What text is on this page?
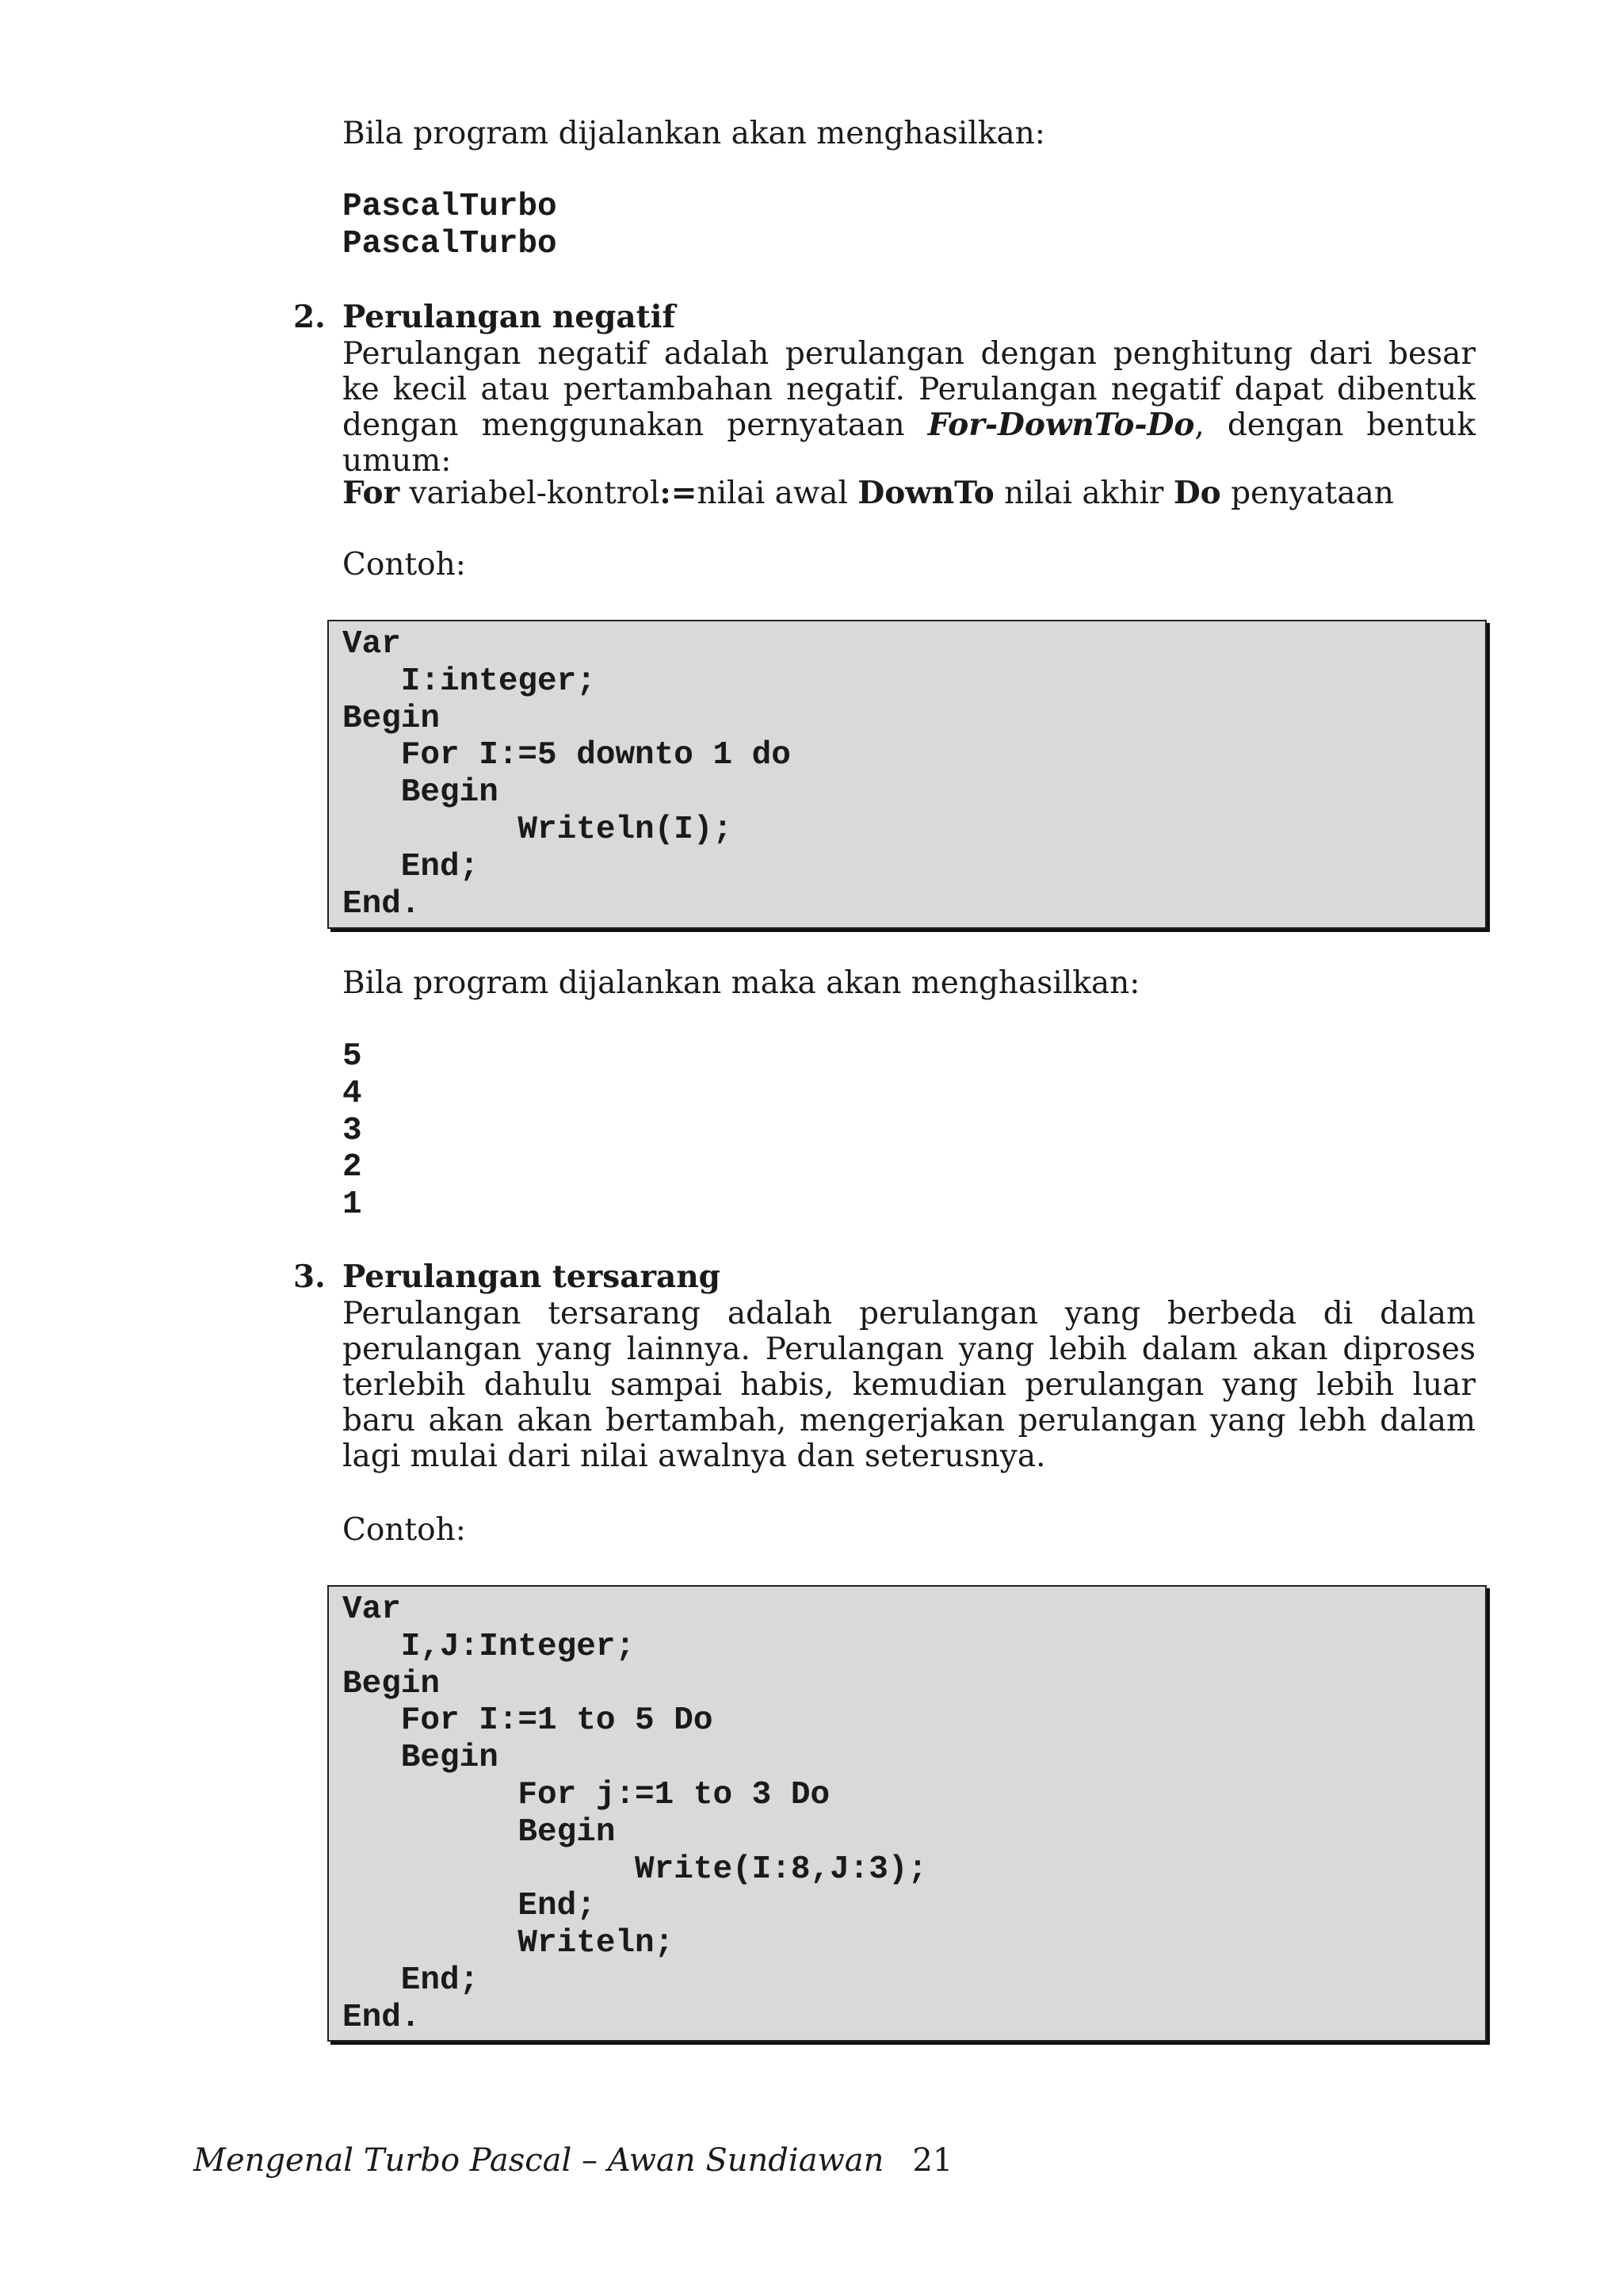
Bila program dijalankan akan menghasilkan:

PascalTurbo
PascalTurbo
2. Perulangan negatif

Perulangan negatif adalah perulangan dengan penghitung dari besar ke kecil atau pertambahan negatif. Perulangan negatif dapat dibentuk dengan menggunakan pernyataan For-DownTo-Do, dengan bentuk umum:

For variabel-kontrol:=nilai awal DownTo nilai akhir Do penyataan

Contoh:

Var
I:integer;
Begin
For I:=5 downto 1 do
Begin
Writeln(I);
End;
End.

Bila program dijalankan maka akan menghasilkan:

5
4
3
2
1
3. Perulangan tersarang

Perulangan tersarang adalah perulangan yang berbeda di dalam perulangan yang lainnya. Perulangan yang lebih dalam akan diproses terlebih dahulu sampai habis, kemudian perulangan yang lebih luar baru akan akan bertambah, mengerjakan perulangan yang lebh dalam lagi mulai dari nilai awalnya dan seterusnya.

Contoh:

Var
I,J:Integer;
Begin
For I:=1 to 5 Do
Begin
For j:=1 to 3 Do
Begin
Write(I:8,J:3);
End;
Writeln;
End;
End.
Mengenal Turbo Pascal – Awan Sundiawan 21
